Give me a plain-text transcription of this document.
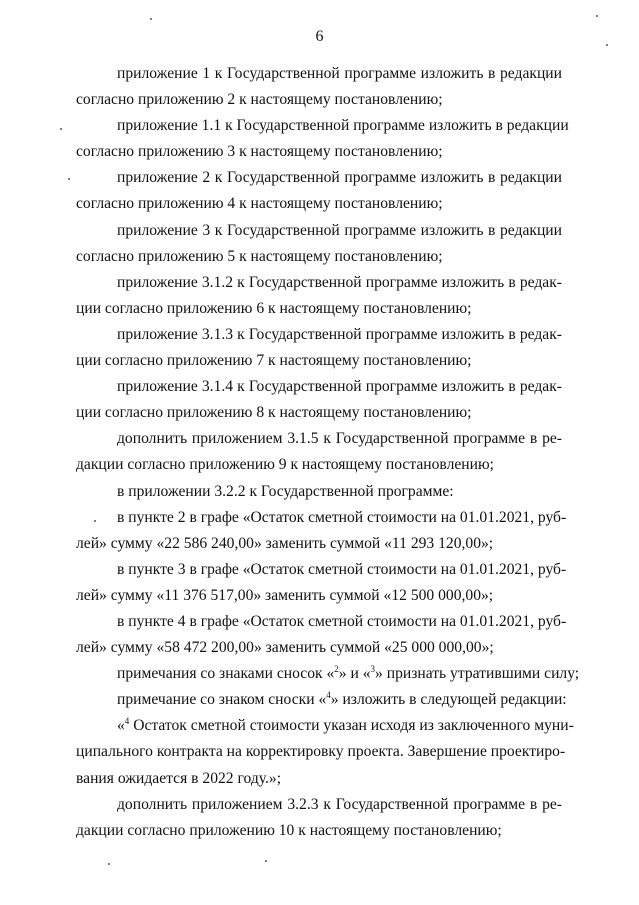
6
приложение 1 к Государственной программе изложить в редакции
согласно приложению 2 к настоящему постановлению;
приложение 1.1 к Государственной программе изложить в редакции
согласно приложению 3 к настоящему постановлению;
приложение 2 к Государственной программе изложить в редакции
согласно приложению 4 к настоящему постановлению;
приложение 3 к Государственной программе изложить в редакции
согласно приложению 5 к настоящему постановлению;
приложение 3.1.2 к Государственной программе изложить в редак-
ции согласно приложению 6 к настоящему постановлению;
приложение 3.1.3 к Государственной программе изложить в редак-
ции согласно приложению 7 к настоящему постановлению;
приложение 3.1.4 к Государственной программе изложить в редак-
ции согласно приложению 8 к настоящему постановлению;
дополнить приложением 3.1.5 к Государственной программе в ре-
дакции согласно приложению 9 к настоящему постановлению;
в приложении 3.2.2 к Государственной программе:
в пункте 2 в графе «Остаток сметной стоимости на 01.01.2021, руб-
лей» сумму «22 586 240,00» заменить суммой «11 293 120,00»;
в пункте 3 в графе «Остаток сметной стоимости на 01.01.2021, руб-
лей» сумму «11 376 517,00» заменить суммой «12 500 000,00»;
в пункте 4 в графе «Остаток сметной стоимости на 01.01.2021, руб-
лей» сумму «58 472 200,00» заменить суммой «25 000 000,00»;
примечания со знаками сносок «$^2$» и «$^3$» признать утратившими силу;
примечание со знаком сноски «$^4$» изложить в следующей редакции:
«$^4$ Остаток сметной стоимости указан исходя из заключенного муни-
ципального контракта на корректировку проекта. Завершение проектиро-
вания ожидается в 2022 году.»;
дополнить приложением 3.2.3 к Государственной программе в ре-
дакции согласно приложению 10 к настоящему постановлению;
